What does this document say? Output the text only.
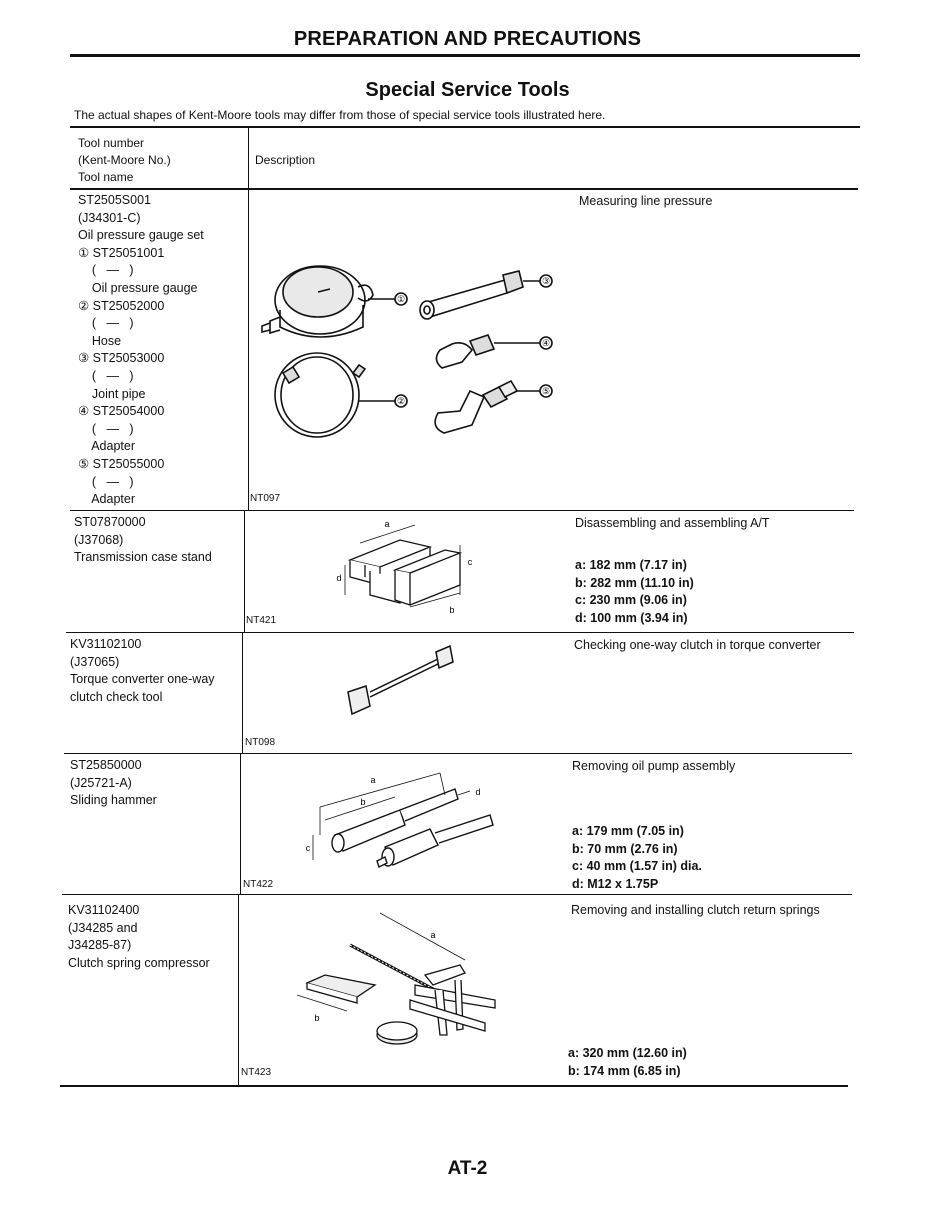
PREPARATION AND PRECAUTIONS
Special Service Tools
The actual shapes of Kent-Moore tools may differ from those of special service tools illustrated here.
Tool number
(Kent-Moore No.)
Tool name
Description
ST2505S001
(J34301-C)
Oil pressure gauge set
① ST25051001
(   —   )
Oil pressure gauge
② ST25052000
(   —   )
Hose
③ ST25053000
(   —   )
Joint pipe
④ ST25054000
(   —   )
Adapter
⑤ ST25055000
(   —   )
Adapter
Measuring line pressure
NT097
①
②
③
④
⑤
ST07870000
(J37068)
Transmission case stand
Disassembling and assembling A/T
a: 182 mm (7.17 in)
b: 282 mm (11.10 in)
c: 230 mm (9.06 in)
d: 100 mm (3.94 in)
NT421
a
b
c
d
KV31102100
(J37065)
Torque converter one-way
clutch check tool
Checking one-way clutch in torque converter
NT098
ST25850000
(J25721-A)
Sliding hammer
Removing oil pump assembly
a: 179 mm (7.05 in)
b: 70 mm (2.76 in)
c: 40 mm (1.57 in) dia.
d: M12 x 1.75P
NT422
a
b
c
d
KV31102400
(J34285 and
J34285-87)
Clutch spring compressor
Removing and installing clutch return springs
a: 320 mm (12.60 in)
b: 174 mm (6.85 in)
NT423
a
b
AT-2
